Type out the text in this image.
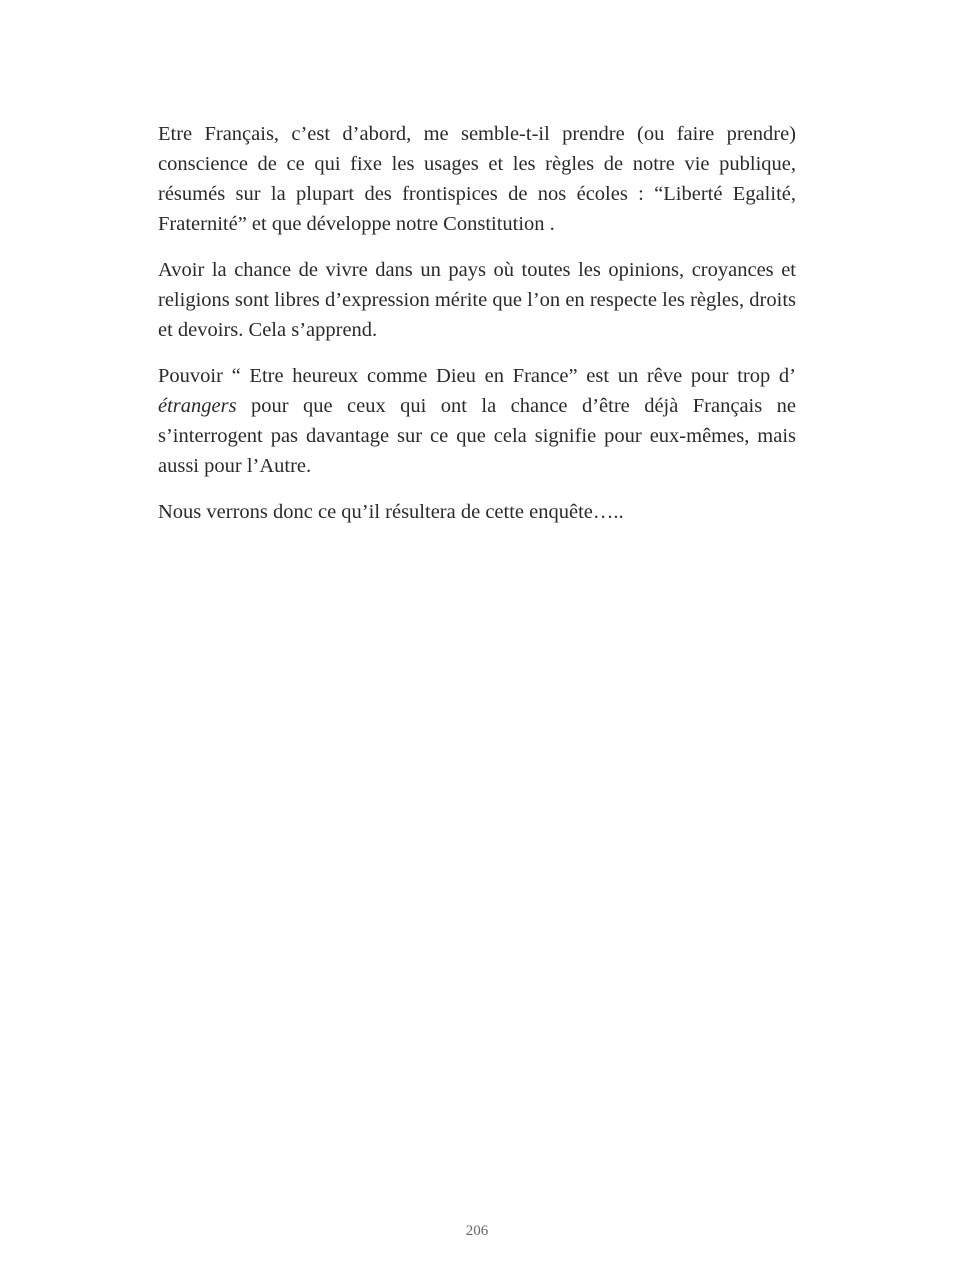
Etre Français, c’est d’abord, me semble-t-il prendre (ou faire prendre) conscience de ce qui fixe les usages et les règles de notre vie publique, résumés sur la plupart des frontispices de nos écoles : “Liberté Egalité, Fraternité” et que développe notre Constitution .

Avoir la chance de vivre dans un pays où toutes les opinions, croyances et religions sont libres d’expression mérite que l’on en respecte les règles, droits et devoirs. Cela s’apprend.

Pouvoir “ Etre heureux comme Dieu en France” est un rêve pour trop d’ étrangers pour que ceux qui ont la chance d’être déjà Français ne s’interrogent pas davantage sur ce que cela signifie pour eux-mêmes, mais aussi pour l’Autre.

Nous verrons donc ce qu’il résultera de cette enquête…..

206
